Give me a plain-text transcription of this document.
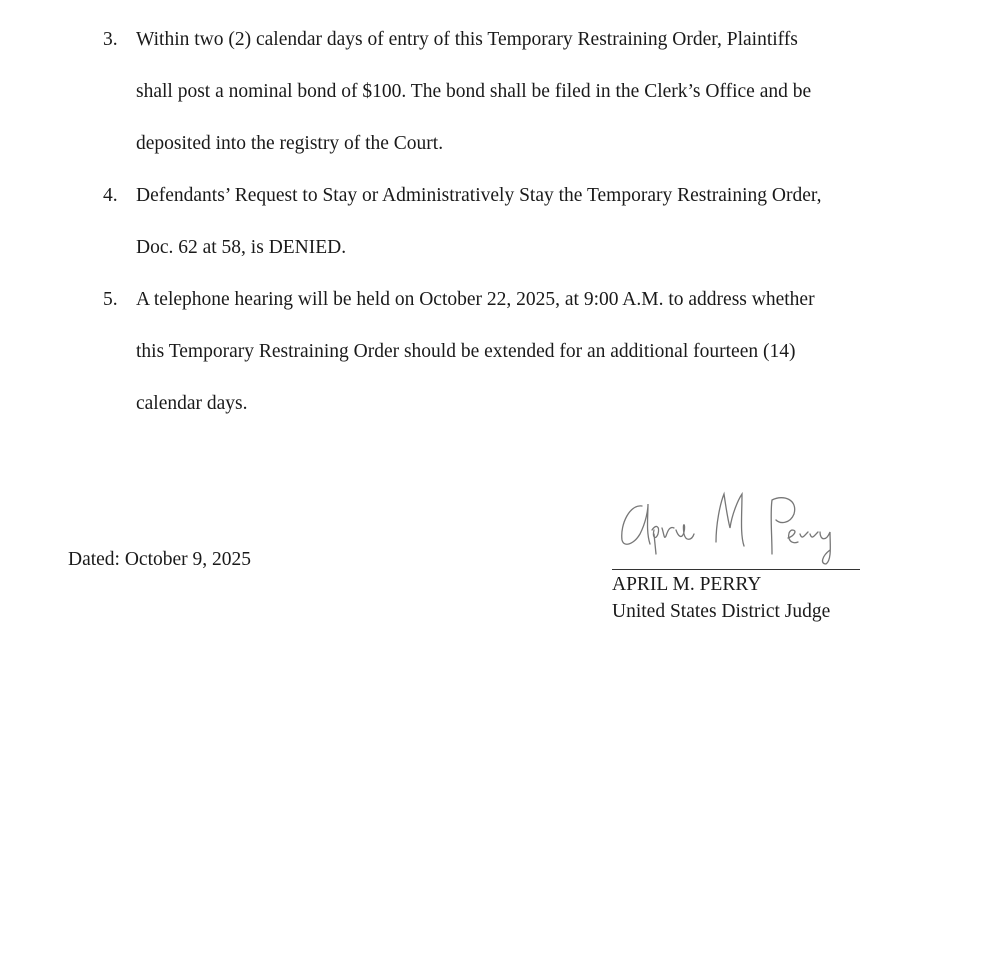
3. Within two (2) calendar days of entry of this Temporary Restraining Order, Plaintiffs
shall post a nominal bond of $100. The bond shall be filed in the Clerk’s Office and be
deposited into the registry of the Court.
4. Defendants’ Request to Stay or Administratively Stay the Temporary Restraining Order,
Doc. 62 at 58, is DENIED.
5. A telephone hearing will be held on October 22, 2025, at 9:00 A.M. to address whether
this Temporary Restraining Order should be extended for an additional fourteen (14)
calendar days.
Dated: October 9, 2025
APRIL M. PERRY
United States District Judge
